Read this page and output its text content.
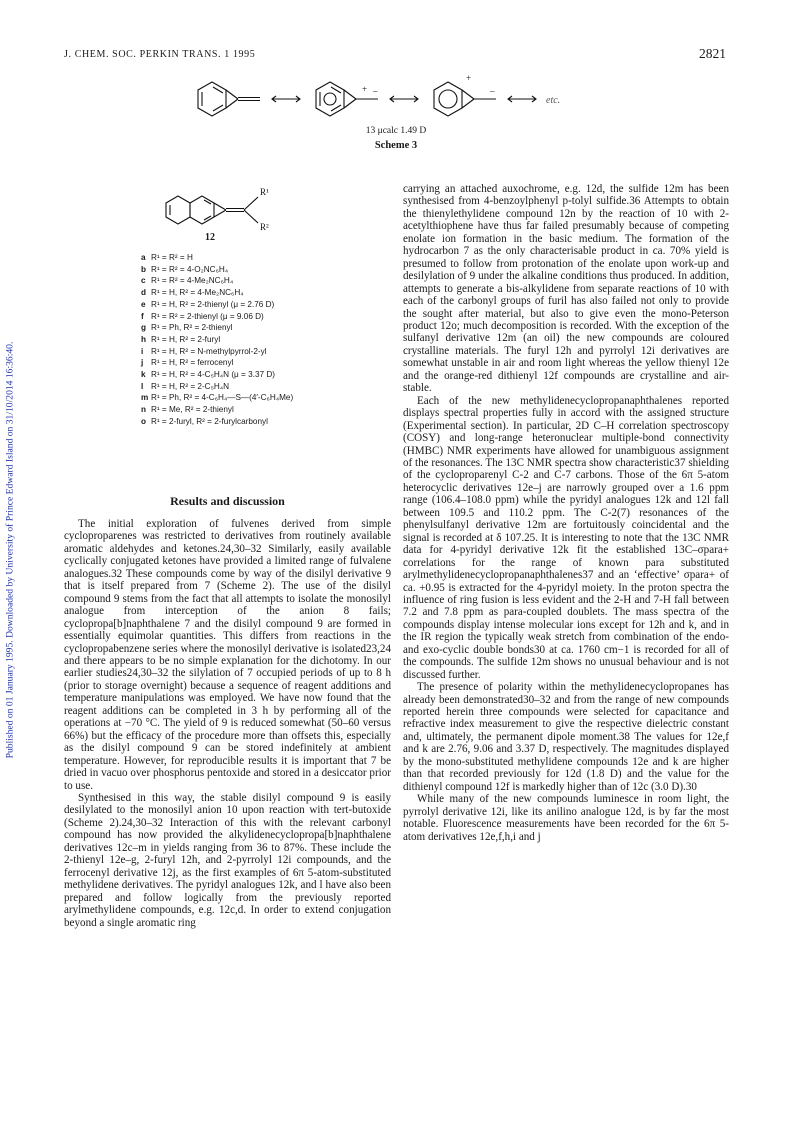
Published on 01 January 1995. Downloaded by University of Prince Edward Island on 31/10/2014 16:36:40.
J. CHEM. SOC. PERKIN TRANS. 1 1995	2821
+ –
+
–
etc.
13 μcalc 1.49 D
Scheme 3
R¹
R²
12
a R¹ = R² = H
b R¹ = R² = 4-O₂NC₆H₄
c R¹ = R² = 4-Me₂NC₆H₄
d R¹ = H, R² = 4-Me₂NC₆H₄
e R¹ = H, R² = 2-thienyl (μ = 2.76 D)
f R¹ = R² = 2-thienyl (μ = 9.06 D)
g R¹ = Ph, R² = 2-thienyl
h R¹ = H, R² = 2-furyl
i R¹ = H, R² = N-methylpyrrol-2-yl
j R¹ = H, R² = ferrocenyl
k R¹ = H, R² = 4-C₅H₄N (μ = 3.37 D)
l R¹ = H, R² = 2-C₅H₄N
m R¹ = Ph, R² = 4-C₆H₄—S—(4′-C₆H₄Me)
n R¹ = Me, R² = 2-thienyl
o R¹ = 2-furyl, R² = 2-furylcarbonyl
Results and discussion

The initial exploration of fulvenes derived from simple cycloproparenes was restricted to derivatives from routinely available aromatic aldehydes and ketones.24,30–32 Similarly, easily available cyclically conjugated ketones have provided a limited range of fulvalene analogues.32 These compounds come by way of the disilyl derivative 9 that is itself prepared from 7 (Scheme 2). The use of the disilyl compound 9 stems from the fact that all attempts to isolate the monosilyl analogue from interception of the anion 8 fails; cyclopropa[b]naphthalene 7 and the disilyl compound 9 are formed in essentially equimolar quantities. This differs from reactions in the cyclopropabenzene series where the monosilyl derivative is isolated23,24 and there appears to be no simple explanation for the dichotomy. In our earlier studies24,30–32 the silylation of 7 occupied periods of up to 8 h (prior to storage overnight) because a sequence of reagent additions and temperature manipulations was employed. We have now found that the reagent additions can be completed in 3 h by performing all of the operations at −70 °C. The yield of 9 is reduced somewhat (50–60 versus 66%) but the efficacy of the procedure more than offsets this, especially as the disilyl compound 9 can be stored indefinitely at ambient temperature. However, for reproducible results it is important that 7 be dried in vacuo over phosphorus pentoxide and stored in a desiccator prior to use.

Synthesised in this way, the stable disilyl compound 9 is easily desilylated to the monosilyl anion 10 upon reaction with tert-butoxide (Scheme 2).24,30–32 Interaction of this with the relevant carbonyl compound has now provided the alkylidenecyclopropa[b]naphthalene derivatives 12c–m in yields ranging from 36 to 87%. These include the 2-thienyl 12e–g, 2-furyl 12h, and 2-pyrrolyl 12i compounds, and the ferrocenyl derivative 12j, as the first examples of 6π 5-atom-substituted methylidene derivatives. The pyridyl analogues 12k, and l have also been prepared and follow logically from the previously reported arylmethylidene compounds, e.g. 12c,d. In order to extend conjugation beyond a single aromatic ring

carrying an attached auxochrome, e.g. 12d, the sulfide 12m has been synthesised from 4-benzoylphenyl p-tolyl sulfide.36 Attempts to obtain the thienylethylidene compound 12n by the reaction of 10 with 2-acetylthiophene have thus far failed presumably because of competing enolate ion formation in the basic medium. The formation of the hydrocarbon 7 as the only characterisable product in ca. 70% yield is presumed to follow from protonation of the enolate upon work-up and desilylation of 9 under the alkaline conditions thus produced. In addition, attempts to generate a bis-alkylidene from separate reactions of 10 with each of the carbonyl groups of furil has also failed not only to provide the sought after material, but also to give even the mono-Peterson product 12o; much decomposition is recorded. With the exception of the sulfanyl derivative 12m (an oil) the new compounds are coloured crystalline materials. The furyl 12h and pyrrolyl 12i derivatives are somewhat unstable in air and room light whereas the yellow thienyl 12e and the orange-red dithienyl 12f compounds are crystalline and air-stable.

Each of the new methylidenecyclopropanaphthalenes reported displays spectral properties fully in accord with the assigned structure (Experimental section). In particular, 2D C–H correlation spectroscopy (COSY) and long-range heteronuclear multiple-bond connectivity (HMBC) NMR experiments have allowed for unambiguous assignment of the resonances. The 13C NMR spectra show characteristic37 shielding of the cycloproparenyl C-2 and C-7 carbons. Those of the 6π 5-atom heterocyclic derivatives 12e–j are narrowly grouped over a 1.6 ppm range (106.4–108.0 ppm) while the pyridyl analogues 12k and 12l fall between 109.5 and 110.2 ppm. The C-2(7) resonances of the phenylsulfanyl derivative 12m are fortuitously coincidental and the signal is recorded at δ 107.25. It is interesting to note that the 13C NMR data for 4-pyridyl derivative 12k fit the established 13C–σpara+ correlations for the range of known para substituted arylmethylidenecyclopropanaphthalenes37 and an ‘effective’ σpara+ of ca. +0.95 is extracted for the 4-pyridyl moiety. In the proton spectra the influence of ring fusion is less evident and the 2-H and 7-H fall between 7.2 and 7.8 ppm as para-coupled doublets. The mass spectra of the compounds display intense molecular ions except for 12h and k, and in the IR region the typically weak stretch from combination of the endo- and exo-cyclic double bonds30 at ca. 1760 cm−1 is recorded for all of the compounds. The sulfide 12m shows no unusual behaviour and is not discussed further.

The presence of polarity within the methylidenecyclopropanes has already been demonstrated30–32 and from the range of new compounds reported herein three compounds were selected for capacitance and refractive index measurement to give the respective dielectric constant and, ultimately, the permanent dipole moment.38 The values for 12e,f and k are 2.76, 9.06 and 3.37 D, respectively. The magnitudes displayed by the mono-substituted methylidene compounds 12e and k are higher than that recorded previously for 12d (1.8 D) and the value for the dithienyl compound 12f is markedly higher than of 12c (3.0 D).30

While many of the new compounds luminesce in room light, the pyrrolyl derivative 12i, like its anilino analogue 12d, is by far the most notable. Fluorescence measurements have been recorded for the 6π 5-atom derivatives 12e,f,h,i and j
